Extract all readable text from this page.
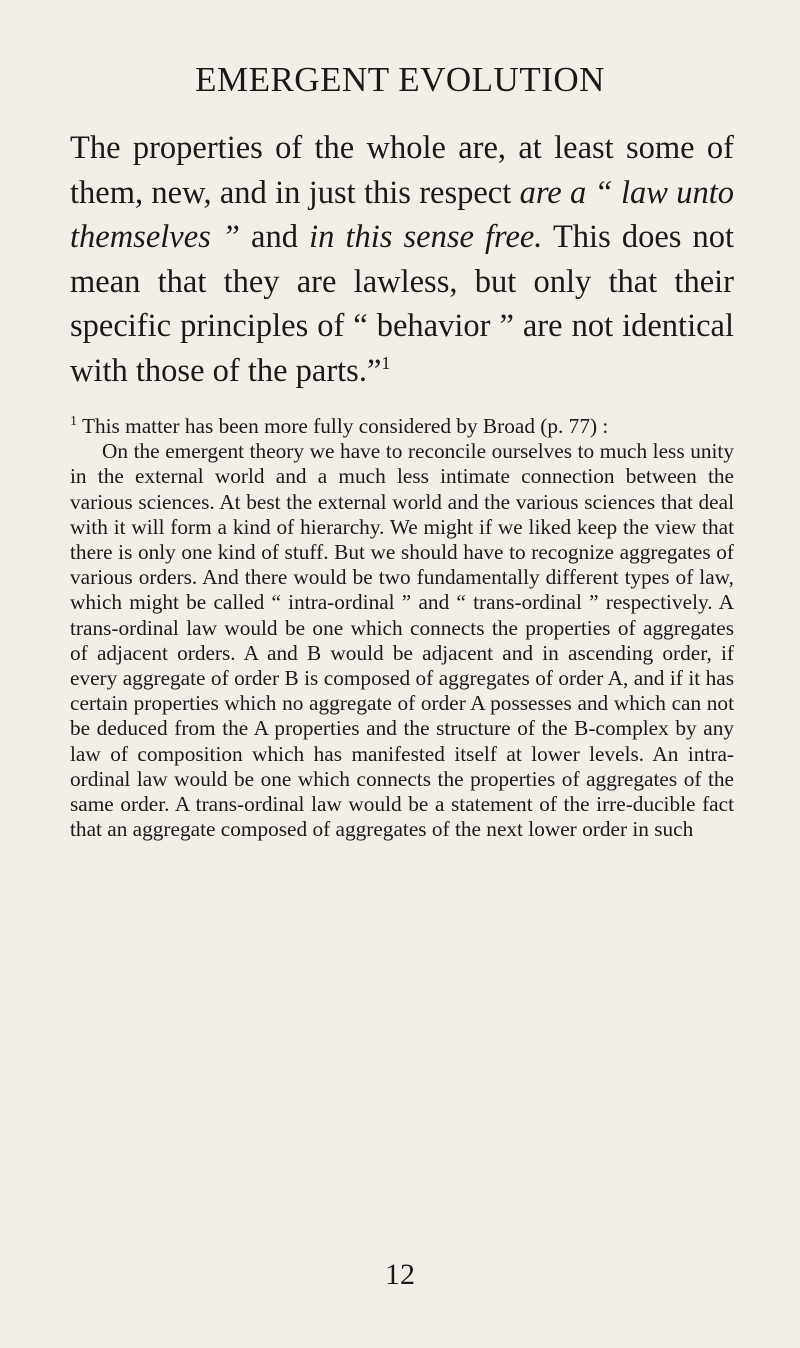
EMERGENT EVOLUTION

The properties of the whole are, at least some of them, new, and in just this respect are a “ law unto themselves ” and in this sense free. This does not mean that they are lawless, but only that their specific principles of “ behavior ” are not identical with those of the parts.”$^1$

$^1$ This matter has been more fully considered by Broad (p. 77) :

On the emergent theory we have to reconcile ourselves to much less unity in the external world and a much less intimate connection between the various sciences. At best the external world and the various sciences that deal with it will form a kind of hierarchy. We might if we liked keep the view that there is only one kind of stuff. But we should have to recognize aggregates of various orders. And there would be two fundamentally different types of law, which might be called “ intra-ordinal ” and “ trans-ordinal ” respectively. A trans-ordinal law would be one which connects the properties of aggregates of adjacent orders. A and B would be adjacent and in ascending order, if every aggregate of order B is composed of aggregates of order A, and if it has certain properties which no aggregate of order A possesses and which can not be deduced from the A properties and the structure of the B-complex by any law of composition which has manifested itself at lower levels. An intra-ordinal law would be one which connects the properties of aggregates of the same order. A trans-ordinal law would be a statement of the irre-ducible fact that an aggregate composed of aggregates of the next lower order in such

12
